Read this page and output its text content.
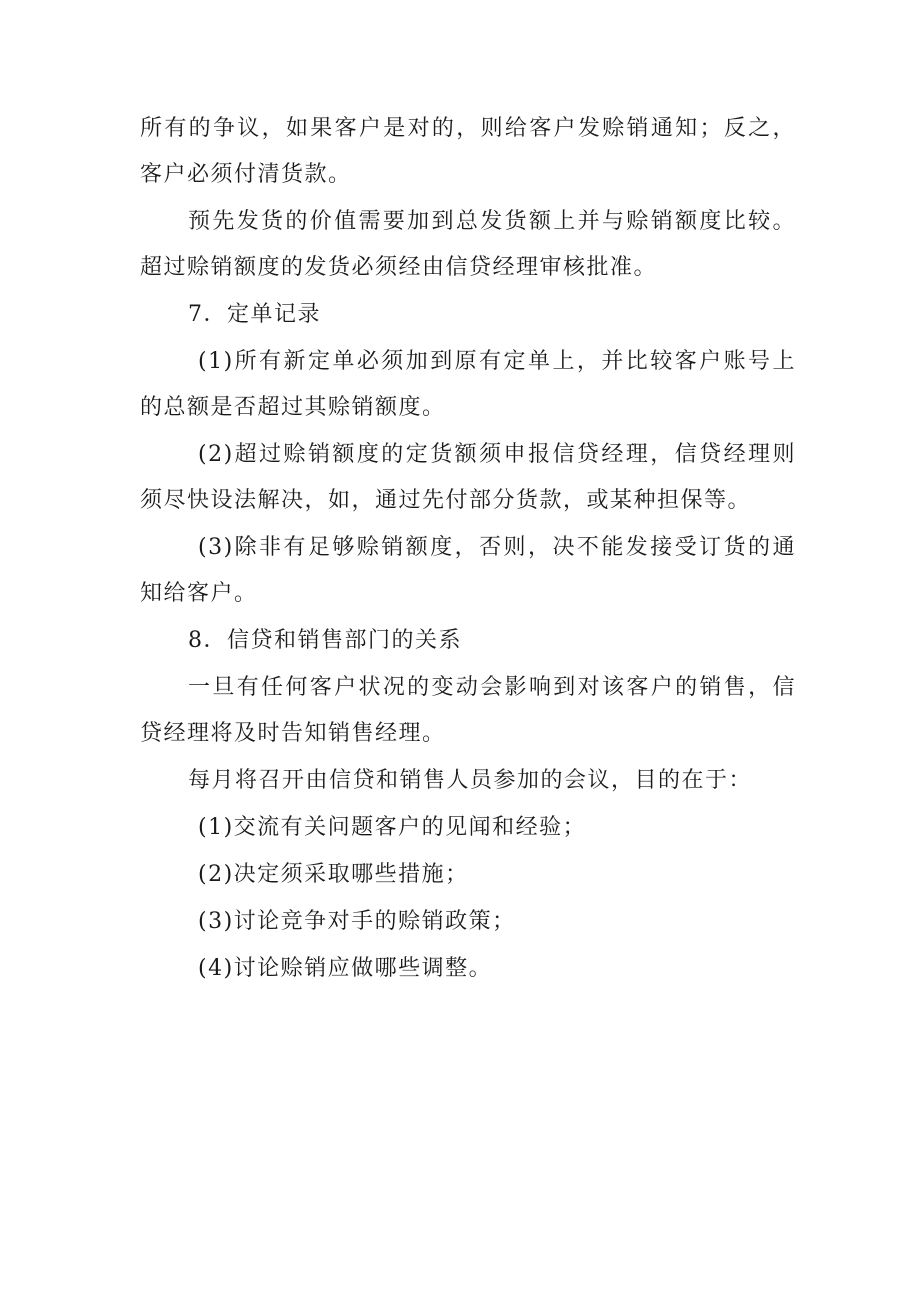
所有的争议，如果客户是对的，则给客户发赊销通知；反之，客户必须付清货款。

预先发货的价值需要加到总发货额上并与赊销额度比较。超过赊销额度的发货必须经由信贷经理审核批准。

7．定单记录

(1)所有新定单必须加到原有定单上，并比较客户账号上的总额是否超过其赊销额度。

(2)超过赊销额度的定货额须申报信贷经理，信贷经理则须尽快设法解决，如，通过先付部分货款，或某种担保等。

(3)除非有足够赊销额度，否则，决不能发接受订货的通知给客户。

8．信贷和销售部门的关系

一旦有任何客户状况的变动会影响到对该客户的销售，信贷经理将及时告知销售经理。

每月将召开由信贷和销售人员参加的会议，目的在于：

(1)交流有关问题客户的见闻和经验；

(2)决定须采取哪些措施；

(3)讨论竞争对手的赊销政策；

(4)讨论赊销应做哪些调整。
